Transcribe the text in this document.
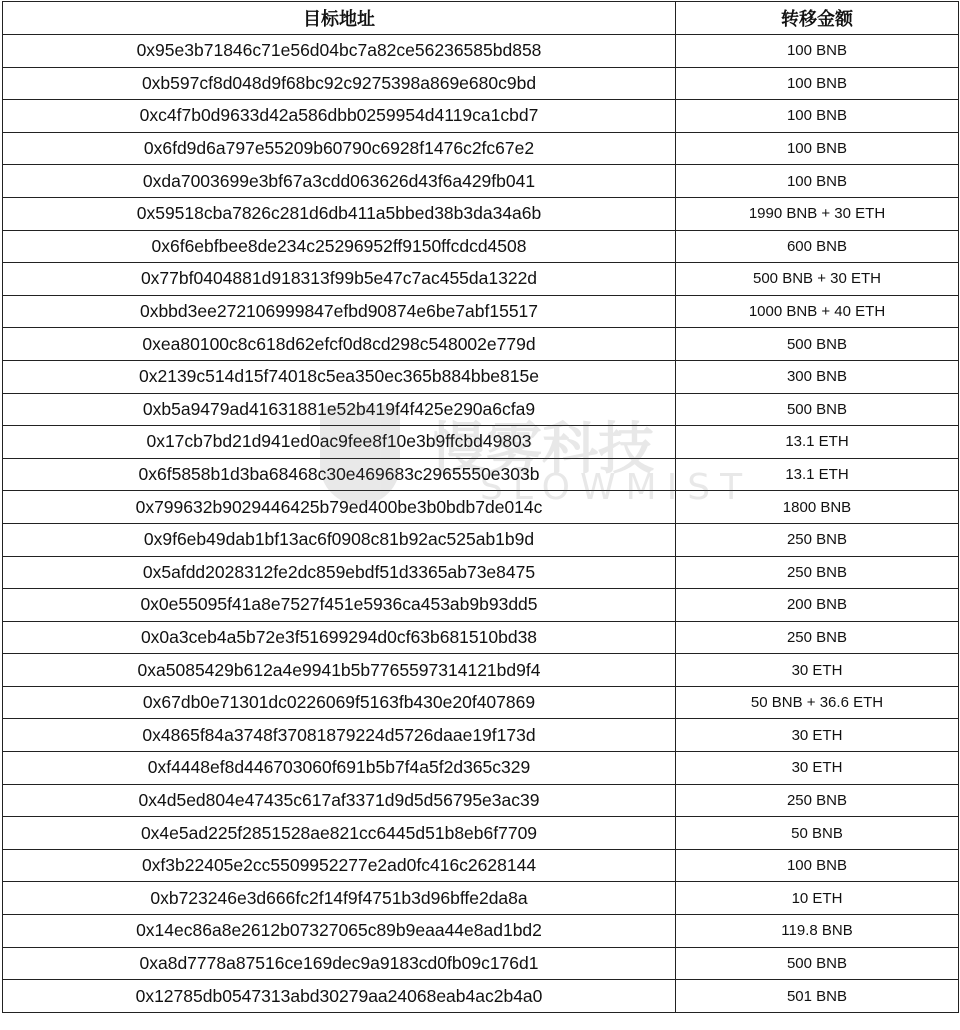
目标地址	转移金额
0x95e3b71846c71e56d04bc7a82ce56236585bd858	100 BNB
0xb597cf8d048d9f68bc92c9275398a869e680c9bd	100 BNB
0xc4f7b0d9633d42a586dbb0259954d4119ca1cbd7	100 BNB
0x6fd9d6a797e55209b60790c6928f1476c2fc67e2	100 BNB
0xda7003699e3bf67a3cdd063626d43f6a429fb041	100 BNB
0x59518cba7826c281d6db411a5bbed38b3da34a6b	1990 BNB + 30 ETH
0x6f6ebfbee8de234c25296952ff9150ffcdcd4508	600 BNB
0x77bf0404881d918313f99b5e47c7ac455da1322d	500 BNB + 30 ETH
0xbbd3ee272106999847efbd90874e6be7abf15517	1000 BNB + 40 ETH
0xea80100c8c618d62efcf0d8cd298c548002e779d	500 BNB
0x2139c514d15f74018c5ea350ec365b884bbe815e	300 BNB
0xb5a9479ad41631881e52b419f4f425e290a6cfa9	500 BNB
0x17cb7bd21d941ed0ac9fee8f10e3b9ffcbd49803	13.1 ETH
0x6f5858b1d3ba68468c30e469683c2965550e303b	13.1 ETH
0x799632b9029446425b79ed400be3b0bdb7de014c	1800 BNB
0x9f6eb49dab1bf13ac6f0908c81b92ac525ab1b9d	250 BNB
0x5afdd2028312fe2dc859ebdf51d3365ab73e8475	250 BNB
0x0e55095f41a8e7527f451e5936ca453ab9b93dd5	200 BNB
0x0a3ceb4a5b72e3f51699294d0cf63b681510bd38	250 BNB
0xa5085429b612a4e9941b5b7765597314121bd9f4	30 ETH
0x67db0e71301dc0226069f5163fb430e20f407869	50 BNB + 36.6 ETH
0x4865f84a3748f37081879224d5726daae19f173d	30 ETH
0xf4448ef8d446703060f691b5b7f4a5f2d365c329	30 ETH
0x4d5ed804e47435c617af3371d9d5d56795e3ac39	250 BNB
0x4e5ad225f2851528ae821cc6445d51b8eb6f7709	50 BNB
0xf3b22405e2cc5509952277e2ad0fc416c2628144	100 BNB
0xb723246e3d666fc2f14f9f4751b3d96bffe2da8a	10 ETH
0x14ec86a8e2612b07327065c89b9eaa44e8ad1bd2	119.8 BNB
0xa8d7778a87516ce169dec9a9183cd0fb09c176d1	500 BNB
0x12785db0547313abd30279aa24068eab4ac2b4a0	501 BNB
慢雾科技
SLOWMIST
